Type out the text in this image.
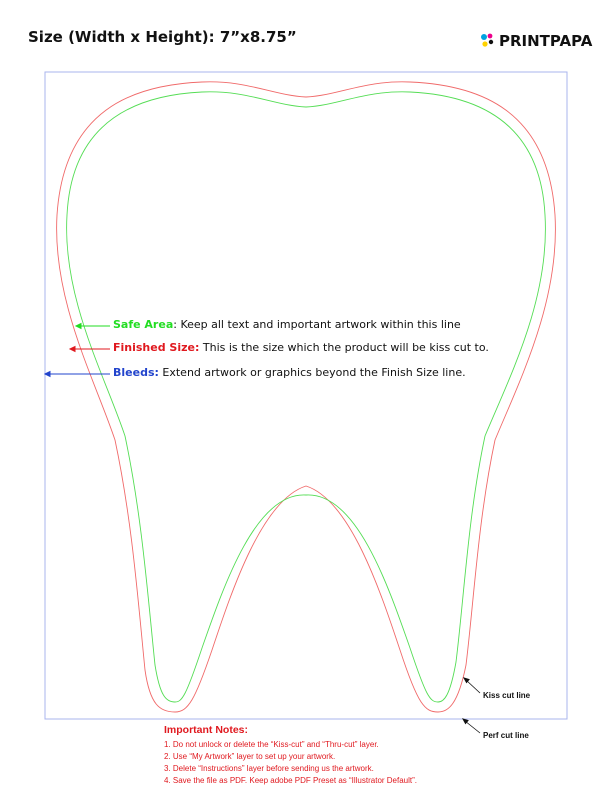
Size (Width x Height): 7”x8.75”	PRINTPAPA
Safe Area: Keep all text and important artwork within this line
Finished Size: This is the size which the product will be kiss cut to.
Bleeds: Extend artwork or graphics beyond the Finish Size line.
Kiss cut line
Perf cut line
Important Notes:
1. Do not unlock or delete the “Kiss-cut” and “Thru-cut” layer.
2. Use “My Artwork” layer to set up your artwork.
3. Delete “Instructions” layer before sending us the artwork.
4. Save the file as PDF. Keep adobe PDF Preset as “Illustrator Default”.
